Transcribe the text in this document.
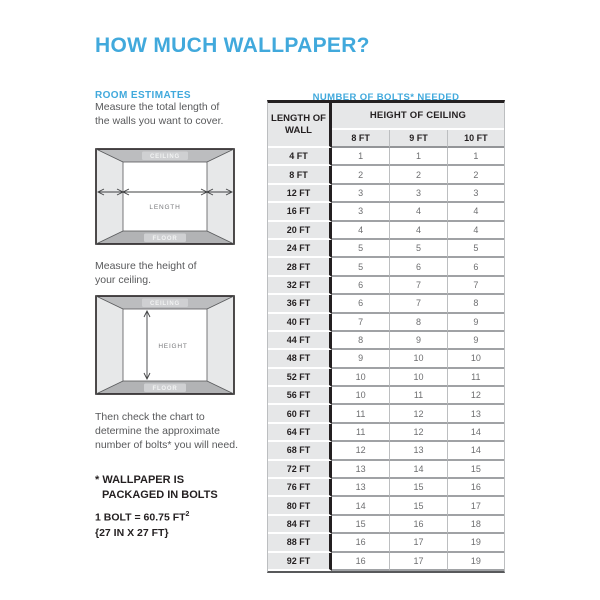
HOW MUCH WALLPAPER?
ROOM ESTIMATES
Measure the total length of
the walls you want to cover.
CEILING
FLOOR
LENGTH
Measure the height of
your ceiling.
CEILING
FLOOR
HEIGHT
Then check the chart to
determine the approximate
number of bolts* you will need.
* WALLPAPER IS
PACKAGED IN BOLTS
1 BOLT = 60.75 $FT^2$
{27 IN X 27 FT}
NUMBER OF BOLTS* NEEDED
LENGTH OF WALL	HEIGHT OF CEILING		
	8 FT	9 FT	10 FT
4 FT	1	1	1
8 FT	2	2	2
12 FT	3	3	3
16 FT	3	4	4
20 FT	4	4	4
24 FT	5	5	5
28 FT	5	6	6
32 FT	6	7	7
36 FT	6	7	8
40 FT	7	8	9
44 FT	8	9	9
48 FT	9	10	10
52 FT	10	10	11
56 FT	10	11	12
60 FT	11	12	13
64 FT	11	12	14
68 FT	12	13	14
72 FT	13	14	15
76 FT	13	15	16
80 FT	14	15	17
84 FT	15	16	18
88 FT	16	17	19
92 FT	16	17	19
